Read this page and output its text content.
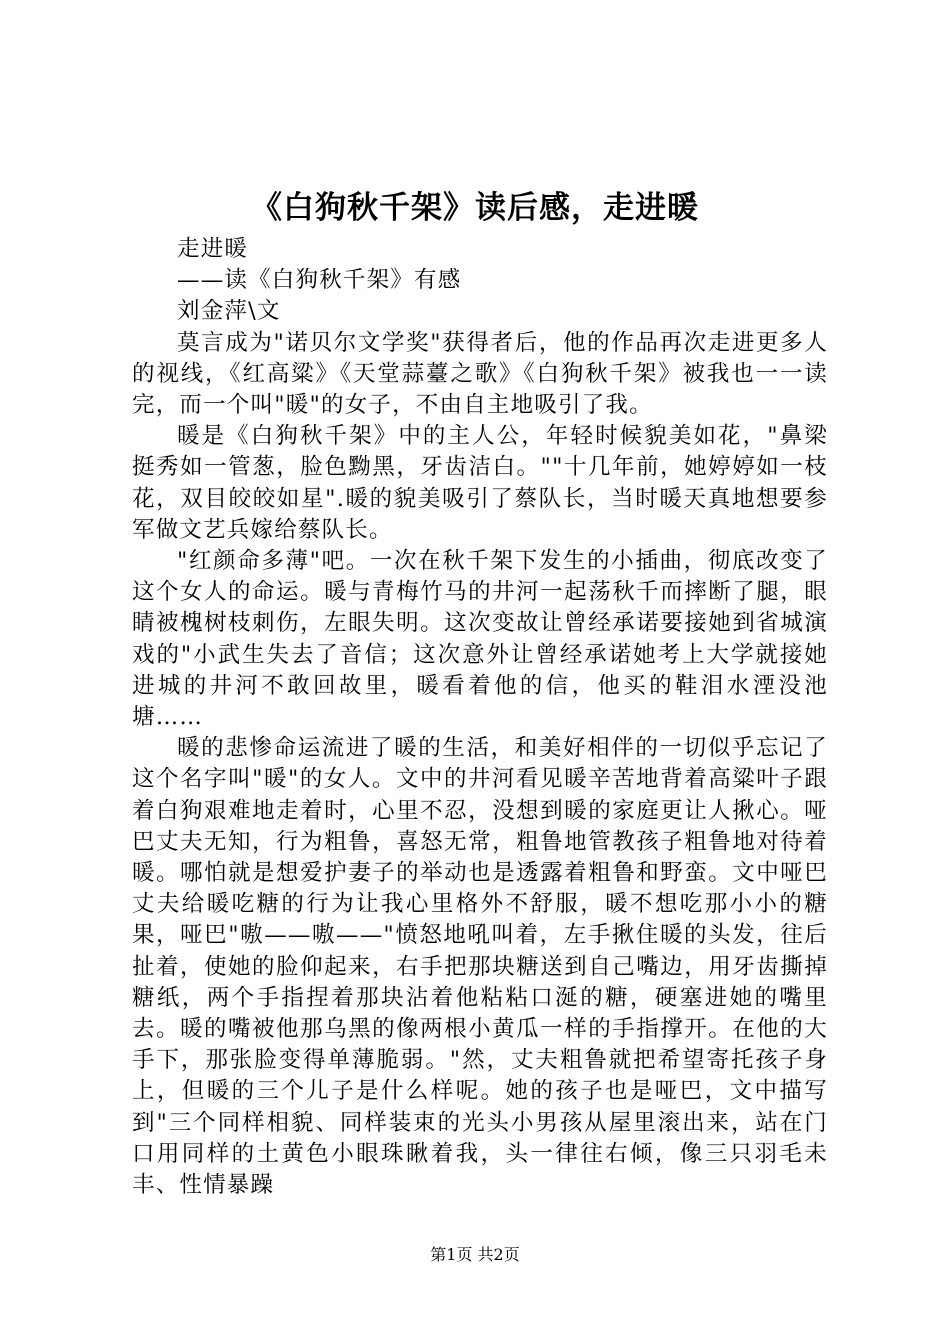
《白狗秋千架》读后感，走进暖

走进暖

——读《白狗秋千架》有感

刘金萍\文

莫言成为"诺贝尔文学奖"获得者后，他的作品再次走进更多人的视线，《红高粱》《天堂蒜薹之歌》《白狗秋千架》被我也一一读完，而一个叫"暖"的女子，不由自主地吸引了我。

暖是《白狗秋千架》中的主人公，年轻时候貌美如花，"鼻梁挺秀如一管葱，脸色黝黑，牙齿洁白。""十几年前，她婷婷如一枝花，双目皎皎如星".暖的貌美吸引了蔡队长，当时暖天真地想要参军做文艺兵嫁给蔡队长。

"红颜命多薄"吧。一次在秋千架下发生的小插曲，彻底改变了这个女人的命运。暖与青梅竹马的井河一起荡秋千而摔断了腿，眼睛被槐树枝刺伤，左眼失明。这次变故让曾经承诺要接她到省城演戏的"小武生失去了音信；这次意外让曾经承诺她考上大学就接她进城的井河不敢回故里，暖看着他的信，他买的鞋泪水湮没池塘……

暖的悲惨命运流进了暖的生活，和美好相伴的一切似乎忘记了这个名字叫"暖"的女人。文中的井河看见暖辛苦地背着高粱叶子跟着白狗艰难地走着时，心里不忍，没想到暖的家庭更让人揪心。哑巴丈夫无知，行为粗鲁，喜怒无常，粗鲁地管教孩子粗鲁地对待着暖。哪怕就是想爱护妻子的举动也是透露着粗鲁和野蛮。文中哑巴丈夫给暖吃糖的行为让我心里格外不舒服，暖不想吃那小小的糖果，哑巴"嗷——嗷——"愤怒地吼叫着，左手揪住暖的头发，往后扯着，使她的脸仰起来，右手把那块糖送到自己嘴边，用牙齿撕掉糖纸，两个手指捏着那块沾着他粘粘口涎的糖，硬塞进她的嘴里去。暖的嘴被他那乌黑的像两根小黄瓜一样的手指撑开。在他的大手下，那张脸变得单薄脆弱。"然，丈夫粗鲁就把希望寄托孩子身上，但暖的三个儿子是什么样呢。她的孩子也是哑巴，文中描写到"三个同样相貌、同样装束的光头小男孩从屋里滚出来，站在门口用同样的土黄色小眼珠瞅着我，头一律往右倾，像三只羽毛未丰、性情暴躁

第1页 共2页
